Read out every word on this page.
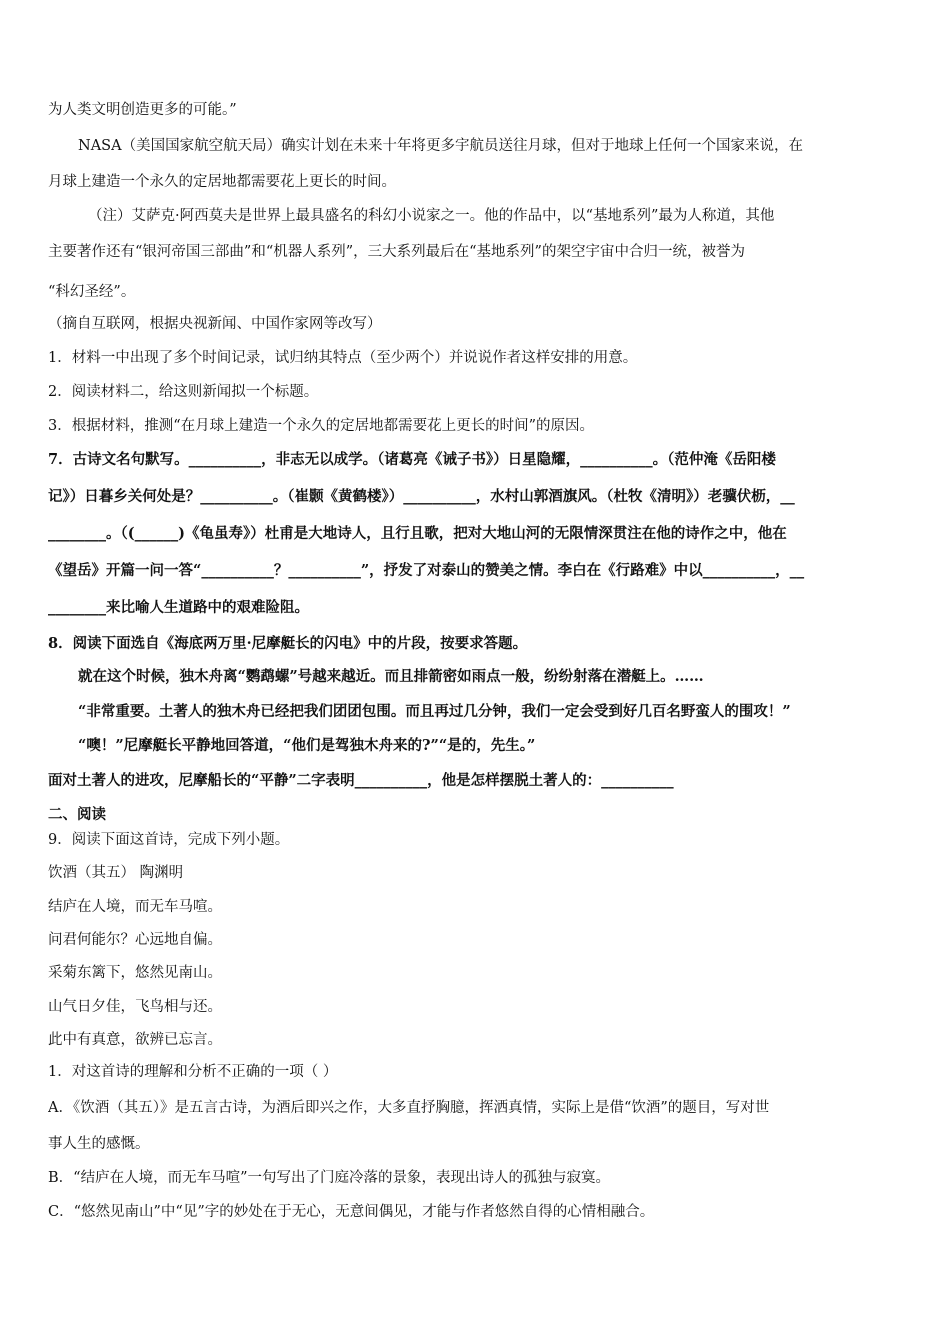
为人类文明创造更多的可能。”
NASA（美国国家航空航天局）确实计划在未来十年将更多宇航员送往月球，但对于地球上任何一个国家来说，在
月球上建造一个永久的定居地都需要花上更长的时间。
（注）艾萨克·阿西莫夫是世界上最具盛名的科幻小说家之一。他的作品中，以“基地系列”最为人称道，其他
主要著作还有“银河帝国三部曲”和“机器人系列”，三大系列最后在“基地系列”的架空宇宙中合归一统，被誉为
“科幻圣经”。
（摘自互联网，根据央视新闻、中国作家网等改写）
1．材料一中出现了多个时间记录，试归纳其特点（至少两个）并说说作者这样安排的用意。
2．阅读材料二，给这则新闻拟一个标题。
3．根据材料，推测“在月球上建造一个永久的定居地都需要花上更长的时间”的原因。
7．古诗文名句默写。__________，非志无以成学。（诸葛亮《诫子书》）日星隐耀，__________。（范仲淹《岳阳楼
记》）日暮乡关何处是？__________。（崔颢《黄鹤楼》）__________，水村山郭酒旗风。（杜牧《清明》）老骥伏枥，__
________。（(______)《龟虽寿》）杜甫是大地诗人，且行且歌，把对大地山河的无限情深贯注在他的诗作之中，他在
《望岳》开篇一问一答“__________？__________”，抒发了对泰山的赞美之情。李白在《行路难》中以__________，__
________来比喻人生道路中的艰难险阻。
8．阅读下面选自《海底两万里·尼摩艇长的闪电》中的片段，按要求答题。
就在这个时候，独木舟离“鹦鹉螺”号越来越近。而且排箭密如雨点一般，纷纷射落在潜艇上。……
“非常重要。土著人的独木舟已经把我们团团包围。而且再过几分钟，我们一定会受到好几百名野蛮人的围攻！”
“噢！”尼摩艇长平静地回答道，“他们是驾独木舟来的?”“是的，先生。”
面对土著人的进攻，尼摩船长的“平静”二字表明__________，他是怎样摆脱土著人的：__________
二、阅读
9．阅读下面这首诗，完成下列小题。
饮酒（其五） 陶渊明
结庐在人境，而无车马喧。
问君何能尔？心远地自偏。
采菊东篱下，悠然见南山。
山气日夕佳，飞鸟相与还。
此中有真意，欲辨已忘言。
1．对这首诗的理解和分析不正确的一项（ ）
A．《饮酒（其五）》是五言古诗，为酒后即兴之作，大多直抒胸臆，挥洒真情，实际上是借“饮酒”的题目，写对世
事人生的感慨。
B．“结庐在人境，而无车马喧”一句写出了门庭冷落的景象，表现出诗人的孤独与寂寞。
C．“悠然见南山”中“见”字的妙处在于无心，无意间偶见，才能与作者悠然自得的心情相融合。
